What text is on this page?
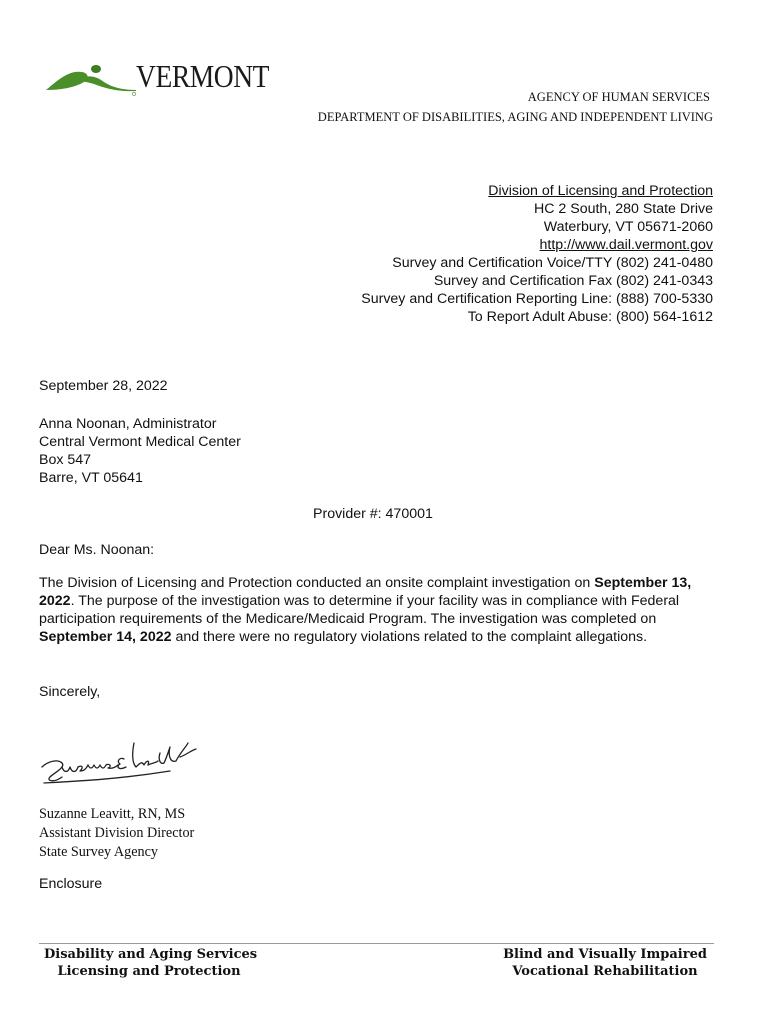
VERMONT
AGENCY OF HUMAN SERVICES
DEPARTMENT OF DISABILITIES, AGING AND INDEPENDENT LIVING
Division of Licensing and Protection
HC 2 South, 280 State Drive
Waterbury, VT 05671-2060
http://www.dail.vermont.gov
Survey and Certification Voice/TTY (802) 241-0480
Survey and Certification Fax (802) 241-0343
Survey and Certification Reporting Line: (888) 700-5330
To Report Adult Abuse: (800) 564-1612
September 28, 2022
Anna Noonan, Administrator
Central Vermont Medical Center
Box 547
Barre, VT 05641
Provider #: 470001
Dear Ms. Noonan:
The Division of Licensing and Protection conducted an onsite complaint investigation on September 13, 2022. The purpose of the investigation was to determine if your facility was in compliance with Federal participation requirements of the Medicare/Medicaid Program. The investigation was completed on September 14, 2022 and there were no regulatory violations related to the complaint allegations.
Sincerely,
Suzanne Leavitt, RN, MS
Assistant Division Director
State Survey Agency
Enclosure
Disability and Aging Services
Licensing and Protection
Blind and Visually Impaired
Vocational Rehabilitation
